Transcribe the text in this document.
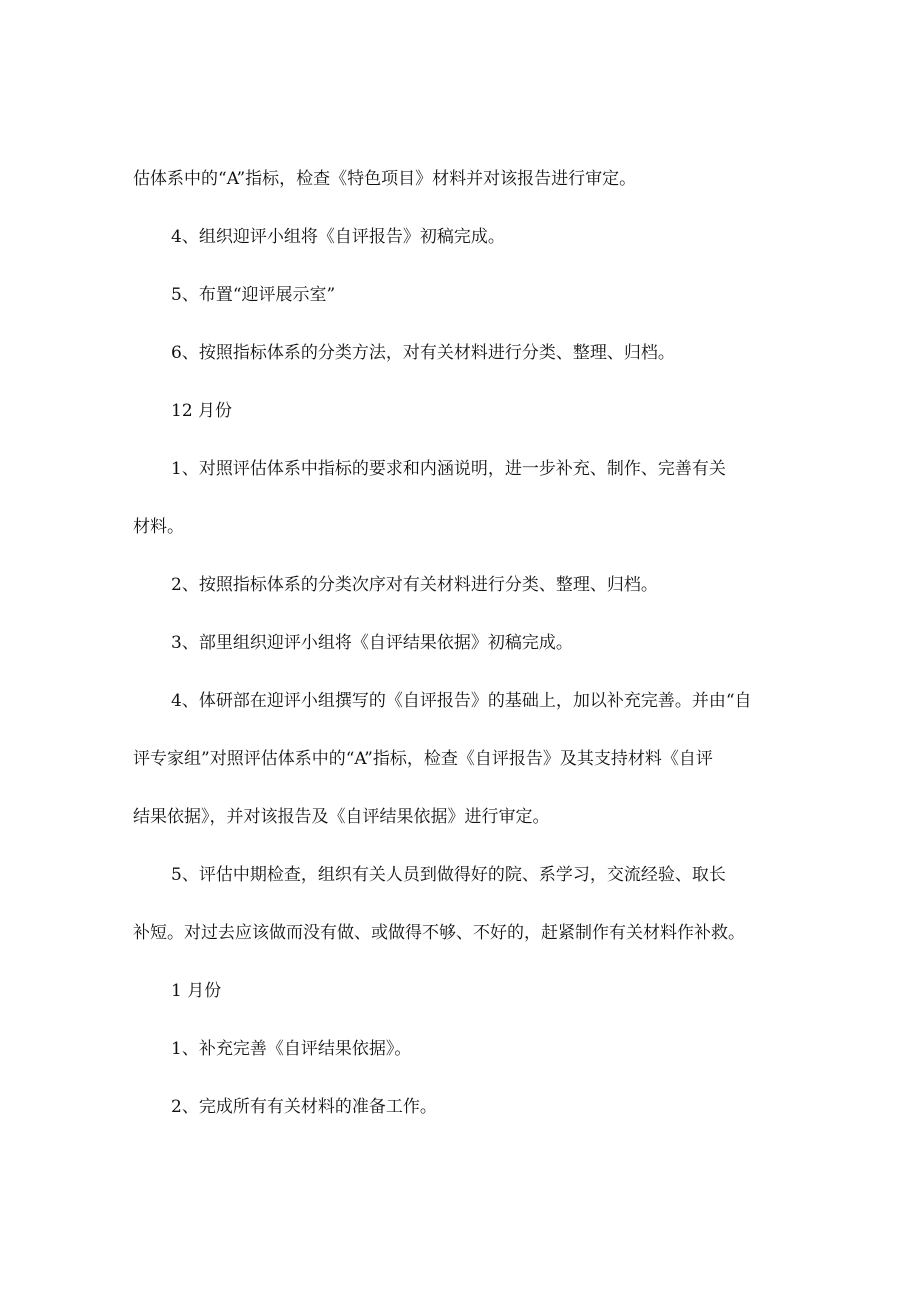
估体系中的“A”指标，检查《特色项目》材料并对该报告进行审定。
4、组织迎评小组将《自评报告》初稿完成。
5、布置“迎评展示室”
6、按照指标体系的分类方法，对有关材料进行分类、整理、归档。
12 月份
1、对照评估体系中指标的要求和内涵说明，进一步补充、制作、完善有关
材料。
2、按照指标体系的分类次序对有关材料进行分类、整理、归档。
3、部里组织迎评小组将《自评结果依据》初稿完成。
4、体研部在迎评小组撰写的《自评报告》的基础上，加以补充完善。并由“自
评专家组”对照评估体系中的“A”指标，检查《自评报告》及其支持材料《自评
结果依据》，并对该报告及《自评结果依据》进行审定。
5、评估中期检查，组织有关人员到做得好的院、系学习，交流经验、取长
补短。对过去应该做而没有做、或做得不够、不好的，赶紧制作有关材料作补救。
1 月份
1、补充完善《自评结果依据》。
2、完成所有有关材料的准备工作。
